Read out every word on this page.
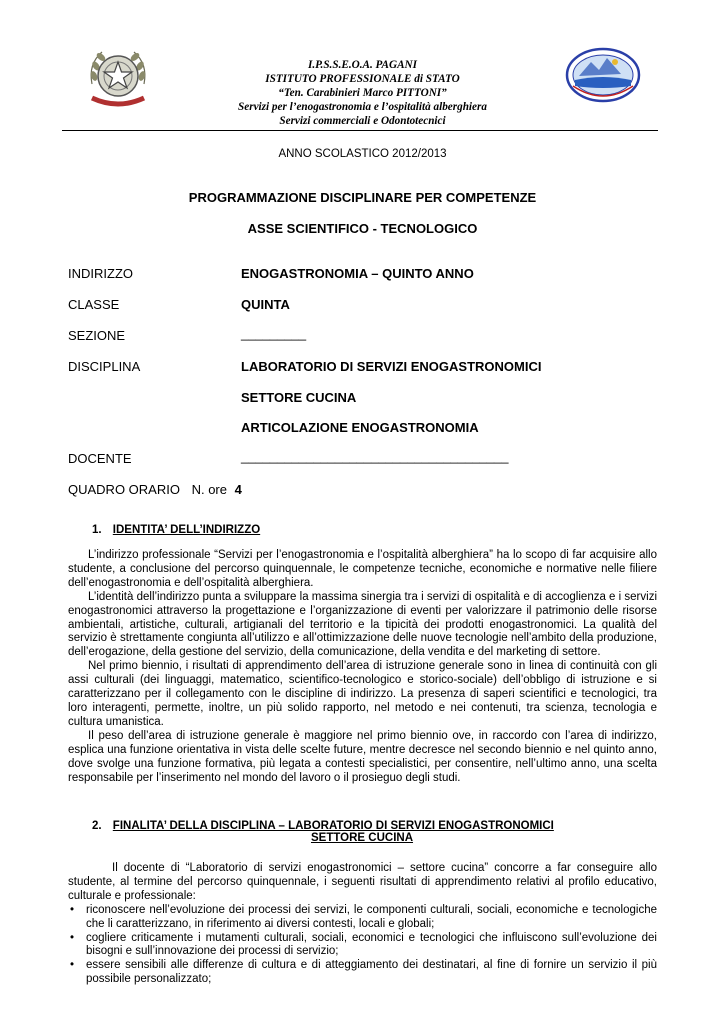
I.P.S.S.E.O.A. PAGANI
ISTITUTO PROFESSIONALE di STATO
“Ten. Carabinieri Marco PITTONI”
Servizi per l’enogastronomia e l’ospitalità alberghiera
Servizi commerciali e Odontotecnici
ANNO SCOLASTICO 2012/2013
PROGRAMMAZIONE DISCIPLINARE PER COMPETENZE
ASSE SCIENTIFICO - TECNOLOGICO
INDIRIZZO	ENOGASTRONOMIA – QUINTO ANNO
CLASSE	QUINTA
SEZIONE	_________
DISCIPLINA	LABORATORIO DI SERVIZI ENOGASTRONOMICI
SETTORE CUCINA
ARTICOLAZIONE ENOGASTRONOMIA
DOCENTE	_____________________________________
QUADRO ORARIO N. ore 4
1. IDENTITA’ DELL’INDIRIZZO

L’indirizzo professionale “Servizi per l’enogastronomia e l’ospitalità alberghiera” ha lo scopo di far acquisire allo studente, a conclusione del percorso quinquennale, le competenze tecniche, economiche e normative nelle filiere dell’enogastronomia e dell’ospitalità alberghiera.

L’identità dell’indirizzo punta a sviluppare la massima sinergia tra i servizi di ospitalità e di accoglienza e i servizi enogastronomici attraverso la progettazione e l’organizzazione di eventi per valorizzare il patrimonio delle risorse ambientali, artistiche, culturali, artigianali del territorio e la tipicità dei prodotti enogastronomici. La qualità del servizio è strettamente congiunta all’utilizzo e all’ottimizzazione delle nuove tecnologie nell’ambito della produzione, dell’erogazione, della gestione del servizio, della comunicazione, della vendita e del marketing di settore.

Nel primo biennio, i risultati di apprendimento dell’area di istruzione generale sono in linea di continuità con gli assi culturali (dei linguaggi, matematico, scientifico-tecnologico e storico-sociale) dell’obbligo di istruzione e si caratterizzano per il collegamento con le discipline di indirizzo. La presenza di saperi scientifici e tecnologici, tra loro interagenti, permette, inoltre, un più solido rapporto, nel metodo e nei contenuti, tra scienza, tecnologia e cultura umanistica.

Il peso dell’area di istruzione generale è maggiore nel primo biennio ove, in raccordo con l’area di indirizzo, esplica una funzione orientativa in vista delle scelte future, mentre decresce nel secondo biennio e nel quinto anno, dove svolge una funzione formativa, più legata a contesti specialistici, per consentire, nell’ultimo anno, una scelta responsabile per l’inserimento nel mondo del lavoro o il prosieguo degli studi.

2. FINALITA’ DELLA DISCIPLINA – LABORATORIO DI SERVIZI ENOGASTRONOMICI
SETTORE CUCINA

Il docente di “Laboratorio di servizi enogastronomici – settore cucina” concorre a far conseguire allo studente, al termine del percorso quinquennale, i seguenti risultati di apprendimento relativi al profilo educativo, culturale e professionale:

• riconoscere nell’evoluzione dei processi dei servizi, le componenti culturali, sociali, economiche e tecnologiche che li caratterizzano, in riferimento ai diversi contesti, locali e globali;
• cogliere criticamente i mutamenti culturali, sociali, economici e tecnologici che influiscono sull’evoluzione dei bisogni e sull’innovazione dei processi di servizio;
• essere sensibili alle differenze di cultura e di atteggiamento dei destinatari, al fine di fornire un servizio il più possibile personalizzato;
